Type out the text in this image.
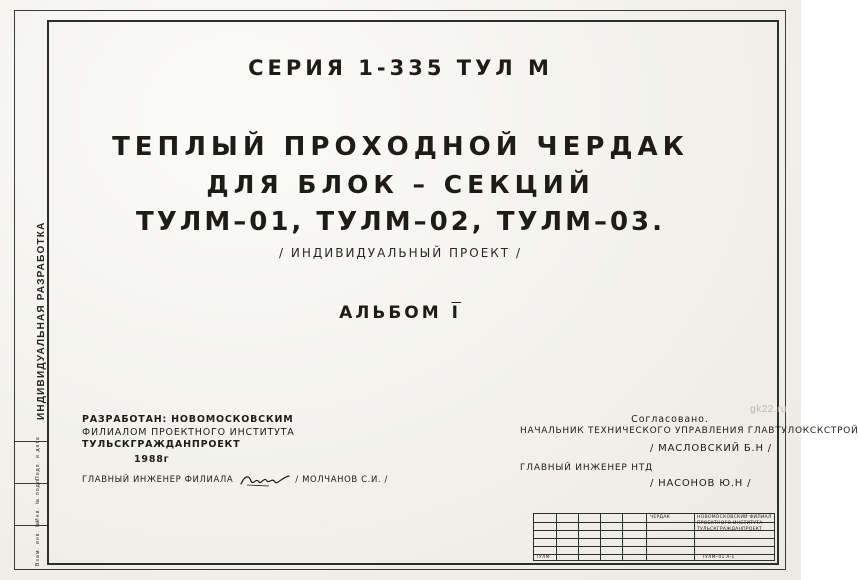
ИНДИВИДУАЛЬНАЯ РАЗРАБОТКА
Подп. и дата
Инв. № подл.
Взам. инв. №
СЕРИЯ 1-335 ТУЛ М
ТЕПЛЫЙ ПРОХОДНОЙ ЧЕРДАК
ДЛЯ БЛОК – СЕКЦИЙ
ТУЛМ–01, ТУЛМ–02, ТУЛМ–03.
/ ИНДИВИДУАЛЬНЫЙ ПРОЕКТ /
АЛЬБОМ $\overline{I}$
РАЗРАБОТАН: НОВОМОСКОВСКИМ
ФИЛИАЛОМ ПРОЕКТНОГО ИНСТИТУТА
ТУЛЬСКГРАЖДАНПРОЕКТ
1988г
ГЛАВНЫЙ ИНЖЕНЕР ФИЛИАЛА	/ МОЛЧАНОВ С.И. /
Согласовано.
НАЧАЛЬНИК ТЕХНИЧЕСКОГО УПРАВЛЕНИЯ ГЛАВТУЛОКСКСТРОЙ
/ МАСЛОВСКИЙ Б.Н /
ГЛАВНЫЙ ИНЖЕНЕР НТД
/ НАСОНОВ Ю.Н /
ЧЕРДАК	НОВОМОСКОВСКИЙ ФИЛИАЛ
ПРОЕКТНОГО ИНСТИТУТА
ТУЛЬСКГРАЖДАНПРОЕКТ
ТУЛМ	ТУЛМ–01 А-1
gk22.ru
